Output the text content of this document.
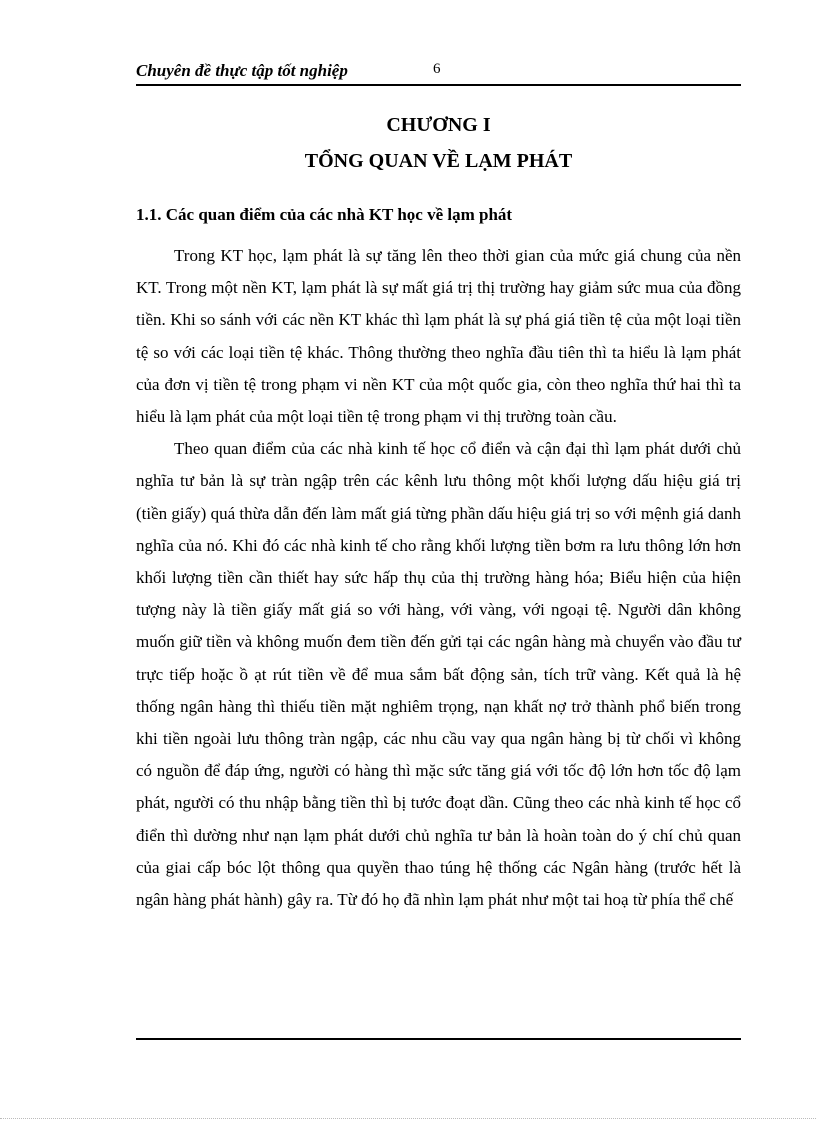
Chuyên đề thực tập tốt nghiệp	6
CHƯƠNG I
TỔNG QUAN VỀ LẠM PHÁT
1.1. Các quan điểm của các nhà KT học về lạm phát

Trong KT học, lạm phát là sự tăng lên theo thời gian của mức giá chung của nền KT. Trong một nền KT, lạm phát là sự mất giá trị thị trường hay giảm sức mua của đồng tiền. Khi so sánh với các nền KT khác thì lạm phát là sự phá giá tiền tệ của một loại tiền tệ so với các loại tiền tệ khác. Thông thường theo nghĩa đầu tiên thì ta hiểu là lạm phát của đơn vị tiền tệ trong phạm vi nền KT của một quốc gia, còn theo nghĩa thứ hai thì ta hiểu là lạm phát của một loại tiền tệ trong phạm vi thị trường toàn cầu.

Theo quan điểm của các nhà kinh tế học cổ điển và cận đại thì lạm phát dưới chủ nghĩa tư bản là sự tràn ngập trên các kênh lưu thông một khối lượng dấu hiệu giá trị (tiền giấy) quá thừa dẫn đến làm mất giá từng phần dấu hiệu giá trị so với mệnh giá danh nghĩa của nó. Khi đó các nhà kinh tế cho rằng khối lượng tiền bơm ra lưu thông lớn hơn khối lượng tiền cần thiết hay sức hấp thụ của thị trường hàng hóa; Biểu hiện của hiện tượng này là tiền giấy mất giá so với hàng, với vàng, với ngoại tệ. Người dân không muốn giữ tiền và không muốn đem tiền đến gửi tại các ngân hàng mà chuyển vào đầu tư trực tiếp hoặc ồ ạt rút tiền về để mua sắm bất động sản, tích trữ vàng. Kết quả là hệ thống ngân hàng thì thiếu tiền mặt nghiêm trọng, nạn khất nợ trở thành phổ biến trong khi tiền ngoài lưu thông tràn ngập, các nhu cầu vay qua ngân hàng bị từ chối vì không có nguồn để đáp ứng, người có hàng thì mặc sức tăng giá với tốc độ lớn hơn tốc độ lạm phát, người có thu nhập bằng tiền thì bị tước đoạt dần. Cũng theo các nhà kinh tế học cổ điển thì dường như nạn lạm phát dưới chủ nghĩa tư bản là hoàn toàn do ý chí chủ quan của giai cấp bóc lột thông qua quyền thao túng hệ thống các Ngân hàng (trước hết là ngân hàng phát hành) gây ra. Từ đó họ đã nhìn lạm phát như một tai hoạ từ phía thể chế
